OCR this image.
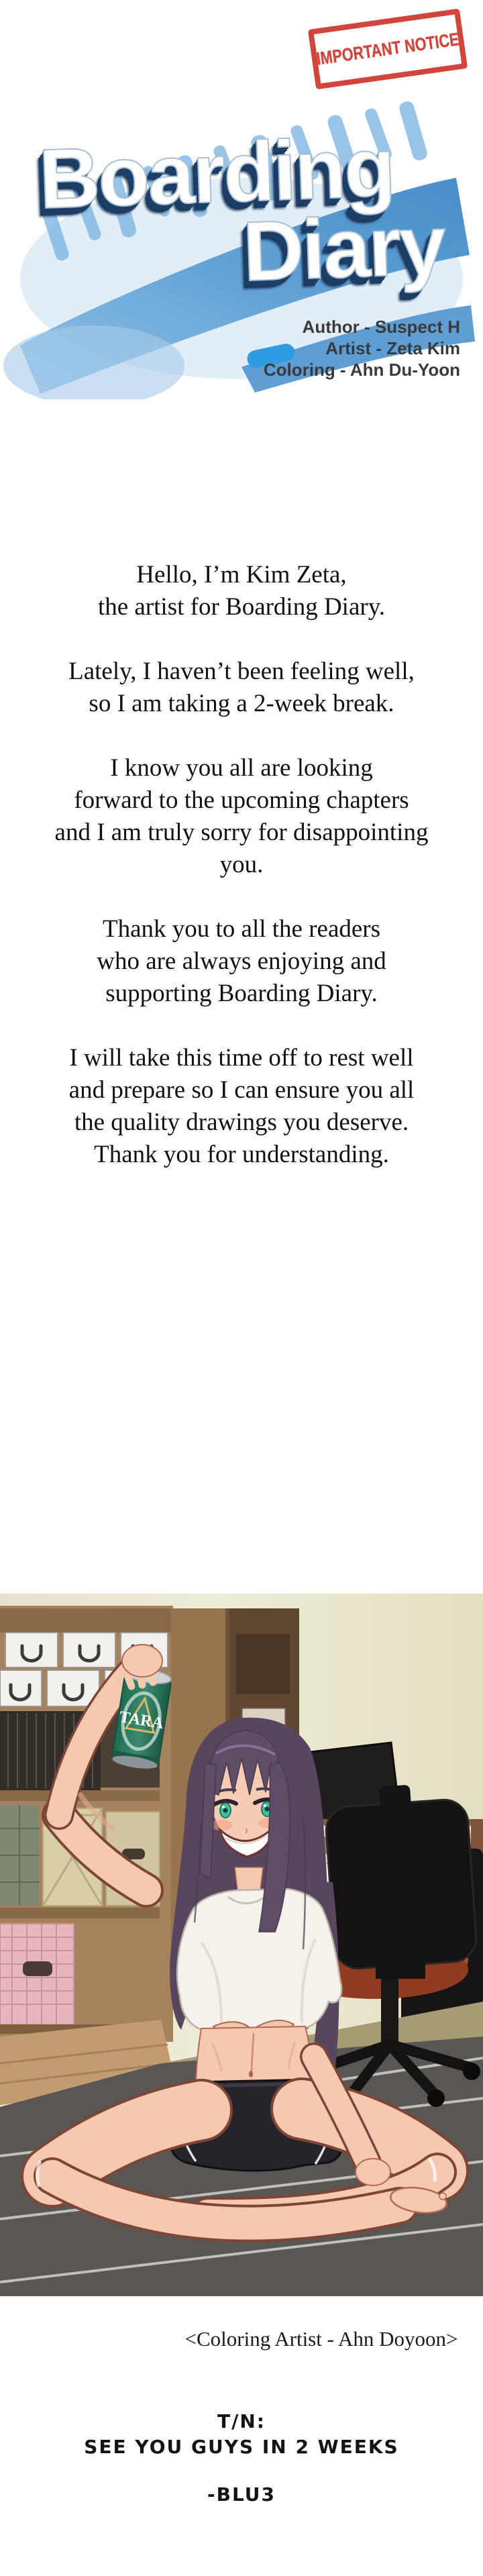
IMPORTANT NOTICE
Boarding
Diary
Author - Suspect H
Artist - Zeta Kim
Coloring - Ahn Du-Yoon

Hello, I’m Kim Zeta,
the artist for Boarding Diary.

Lately, I haven’t been feeling well,
so I am taking a 2-week break.

I know you all are looking
forward to the upcoming chapters
and I am truly sorry for disappointing
you.

Thank you to all the readers
who are always enjoying and
supporting Boarding Diary.

I will take this time off to rest well
and prepare so I can ensure you all
the quality drawings you deserve.
Thank you for understanding.

TARA
<Coloring Artist - Ahn Doyoon>
T/N:
SEE YOU GUYS IN 2 WEEKS
-BLU3
